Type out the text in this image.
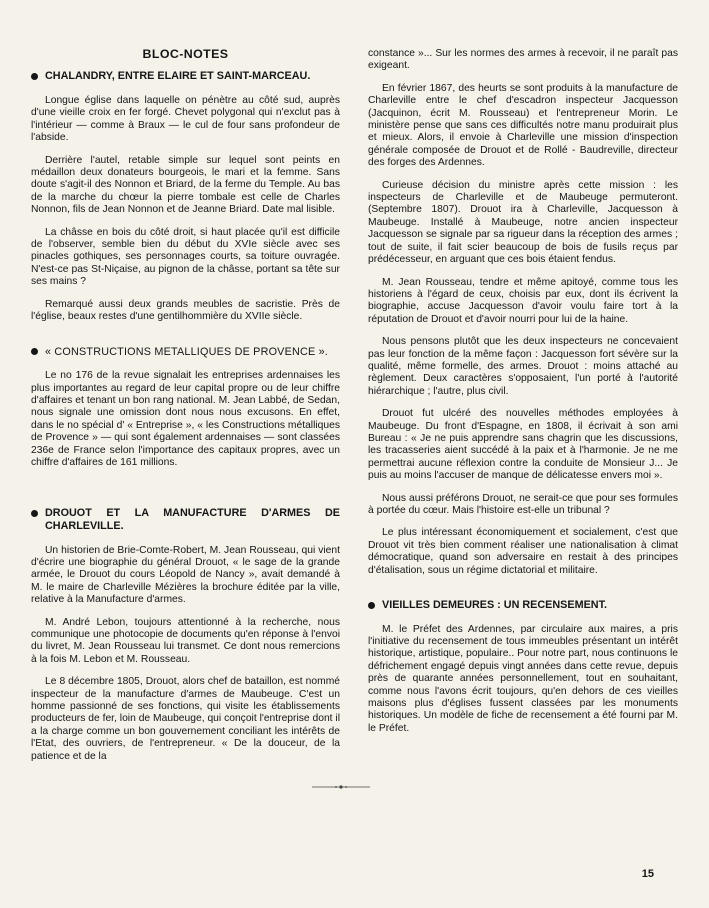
BLOC-NOTES
CHALANDRY, ENTRE ELAIRE ET SAINT-MARCEAU.

Longue église dans laquelle on pénètre au côté sud, auprès d'une vieille croix en fer forgé. Chevet polygonal qui n'exclut pas à l'intérieur — comme à Braux — le cul de four sans profondeur de l'abside.

Derrière l'autel, retable simple sur lequel sont peints en médaillon deux donateurs bourgeois, le mari et la femme. Sans doute s'agit-il des Nonnon et Briard, de la ferme du Temple. Au bas de la marche du chœur la pierre tombale est celle de Charles Nonnon, fils de Jean Nonnon et de Jeanne Briard. Date mal lisible.

La châsse en bois du côté droit, si haut placée qu'il est difficile de l'observer, semble bien du début du XVIe siècle avec ses pinacles gothiques, ses personnages courts, sa toiture ouvragée. N'est-ce pas St-Niçaise, au pignon de la châsse, portant sa tête sur ses mains ?

Remarqué aussi deux grands meubles de sacristie. Près de l'église, beaux restes d'une gentilhommière du XVIIe siècle.

« CONSTRUCTIONS METALLIQUES DE PROVENCE ».

Le no 176 de la revue signalait les entreprises ardennaises les plus importantes au regard de leur capital propre ou de leur chiffre d'affaires et tenant un bon rang national. M. Jean Labbé, de Sedan, nous signale une omission dont nous nous excusons. En effet, dans le no spécial d' « Entreprise », « les Constructions métalliques de Provence » — qui sont également ardennaises — sont classées 236e de France selon l'importance des capitaux propres, avec un chiffre d'affaires de 161 millions.

DROUOT ET LA MANUFACTURE D'ARMES DE CHARLEVILLE.

Un historien de Brie-Comte-Robert, M. Jean Rousseau, qui vient d'écrire une biographie du général Drouot, « le sage de la grande armée, le Drouot du cours Léopold de Nancy », avait demandé à M. le maire de Charleville Mézières la brochure éditée par la ville, relative à la Manufacture d'armes.

M. André Lebon, toujours attentionné à la recherche, nous communique une photocopie de documents qu'en réponse à l'envoi du livret, M. Jean Rousseau lui transmet. Ce dont nous remercions à la fois M. Lebon et M. Rousseau.

Le 8 décembre 1805, Drouot, alors chef de bataillon, est nommé inspecteur de la manufacture d'armes de Maubeuge. C'est un homme passionné de ses fonctions, qui visite les établissements producteurs de fer, loin de Maubeuge, qui conçoit l'entreprise dont il a la charge comme un bon gouvernement conciliant les intérêts de l'Etat, des ouvriers, de l'entrepreneur. « De la douceur, de la patience et de la

constance »... Sur les normes des armes à recevoir, il ne paraît pas exigeant.

En février 1867, des heurts se sont produits à la manufacture de Charleville entre le chef d'escadron inspecteur Jacquesson (Jacquinon, écrit M. Rousseau) et l'entrepreneur Morin. Le ministère pense que sans ces difficultés notre manu produirait plus et mieux. Alors, il envoie à Charleville une mission d'inspection générale composée de Drouot et de Rollé - Baudreville, directeur des forges des Ardennes.

Curieuse décision du ministre après cette mission : les inspecteurs de Charleville et de Maubeuge permuteront. (Septembre 1807). Drouot ira à Charleville, Jacquesson à Maubeuge. Installé à Maubeuge, notre ancien inspecteur Jacquesson se signale par sa rigueur dans la réception des armes ; tout de suite, il fait scier beaucoup de bois de fusils reçus par prédécesseur, en arguant que ces bois étaient fendus.

M. Jean Rousseau, tendre et même apitoyé, comme tous les historiens à l'égard de ceux, choisis par eux, dont ils écrivent la biographie, accuse Jacquesson d'avoir voulu faire tort à la réputation de Drouot et d'avoir nourri pour lui de la haine.

Nous pensons plutôt que les deux inspecteurs ne concevaient pas leur fonction de la même façon : Jacquesson fort sévère sur la qualité, même formelle, des armes. Drouot : moins attaché au règlement. Deux caractères s'opposaient, l'un porté à l'autorité hiérarchique ; l'autre, plus civil.

Drouot fut ulcéré des nouvelles méthodes employées à Maubeuge. Du front d'Espagne, en 1808, il écrivait à son ami Bureau : « Je ne puis apprendre sans chagrin que les discussions, les tracasseries aient succédé à la paix et à l'harmonie. Je ne me permettrai aucune réflexion contre la conduite de Monsieur J... Je puis au moins l'accuser de manque de délicatesse envers moi ».

Nous aussi préférons Drouot, ne serait-ce que pour ses formules à portée du cœur. Mais l'histoire est-elle un tribunal ?

Le plus intéressant économiquement et socialement, c'est que Drouot vit très bien comment réaliser une nationalisation à climat démocratique, quand son adversaire en restait à des principes d'étalisation, sous un régime dictatorial et militaire.

VIEILLES DEMEURES : UN RECENSEMENT.

M. le Préfet des Ardennes, par circulaire aux maires, a pris l'initiative du recensement de tous immeubles présentant un intérêt historique, artistique, populaire.. Pour notre part, nous continuons le défrichement engagé depuis vingt années dans cette revue, depuis près de quarante années personnellement, tout en souhaitant, comme nous l'avons écrit toujours, qu'en dehors de ces vieilles maisons plus d'églises fussent classées par les monuments historiques. Un modèle de fiche de recensement a été fourni par M. le Préfet.

15
